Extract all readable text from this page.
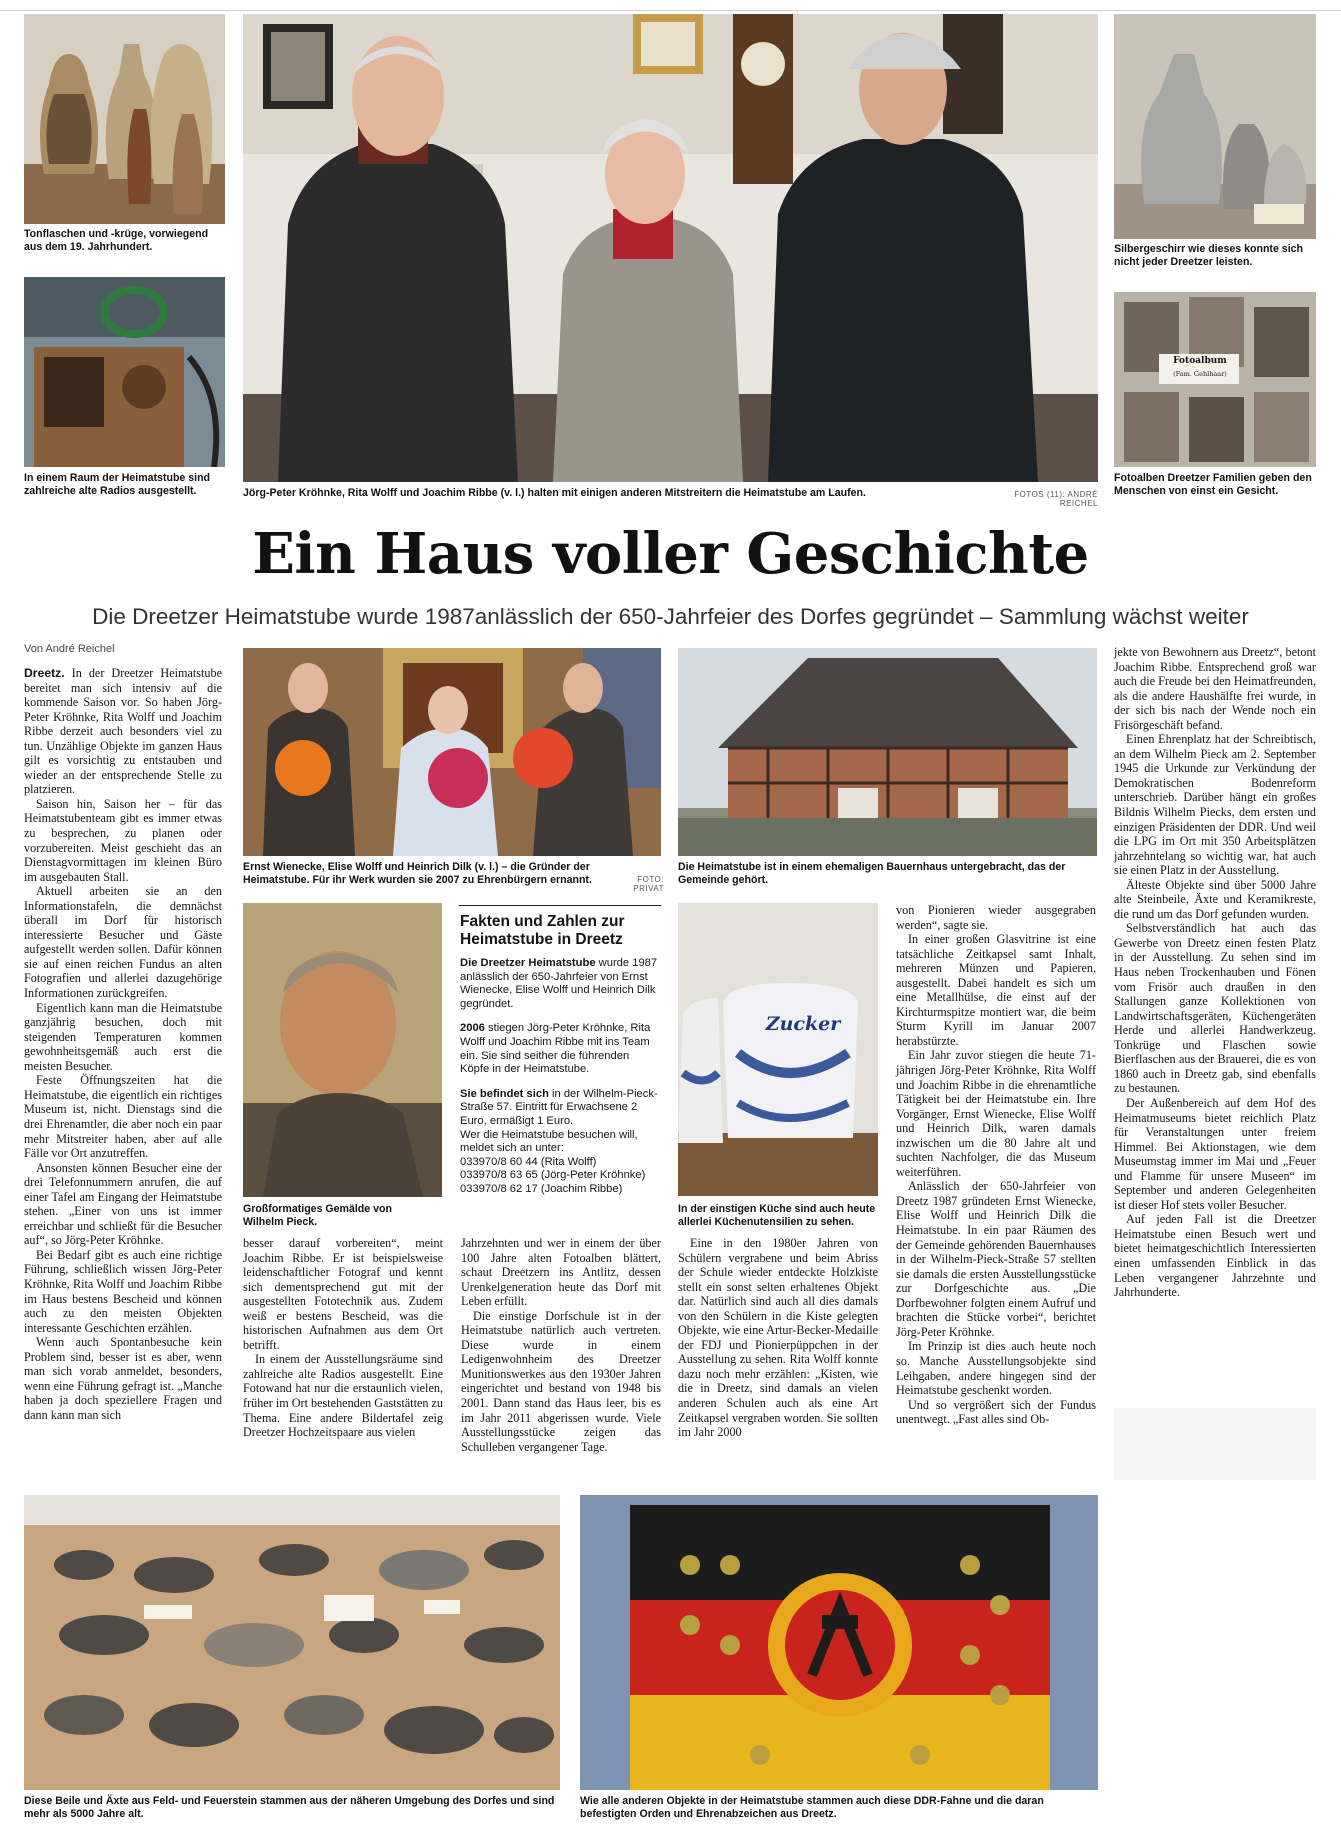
Tonflaschen und -krüge, vorwiegend aus dem 19. Jahrhundert.
In einem Raum der Heimatstube sind zahlreiche alte Radios ausgestellt.	Jörg-Peter Kröhnke, Rita Wolff und Joachim Ribbe (v. l.) halten mit einigen anderen Mitstreitern die Heimatstube am Laufen.	FOTOS (11): ANDRÉ REICHEL
Silbergeschirr wie dieses konnte sich nicht jeder Dreetzer leisten.
Fotoalbum
(Fam. Gehlhaar)
Fotoalben Dreetzer Familien geben den Menschen von einst ein Gesicht.
Ein Haus voller Geschichte
Die Dreetzer Heimatstube wurde 1987anlässlich der 650-Jahrfeier des Dorfes gegründet – Sammlung wächst weiter
Von André Reichel
Ernst Wienecke, Elise Wolff und Heinrich Dilk (v. l.) – die Gründer der Heimatstube. Für ihr Werk wurden sie 2007 zu Ehrenbürgern ernannt.	FOTO: PRIVAT
Die Heimatstube ist in einem ehemaligen Bauernhaus untergebracht, das der Gemeinde gehört.
Großformatiges Gemälde von Wilhelm Pieck.
Zucker
In der einstigen Küche sind auch heute allerlei Küchenutensilien zu sehen.
Fakten und Zahlen zur Heimatstube in Dreetz

Die Dreetzer Heimatstube wurde 1987 anlässlich der 650-Jahrfeier von Ernst Wienecke, Elise Wolff und Heinrich Dilk gegründet.

2006 stiegen Jörg-Peter Kröhnke, Rita Wolff und Joachim Ribbe mit ins Team ein. Sie sind seither die führenden Köpfe in der Heimatstube.

Sie befindet sich in der Wilhelm-Pieck-Straße 57. Eintritt für Erwachsene 2 Euro, ermäßigt 1 Euro.

Wer die Heimatstube besuchen will, meldet sich an unter:
033970/8 60 44 (Rita Wolff)
033970/8 63 65 (Jörg-Peter Kröhnke)
033970/8 62 17 (Joachim Ribbe)

Dreetz. In der Dreetzer Heimatstube bereitet man sich intensiv auf die kommende Saison vor. So haben Jörg-Peter Kröhnke, Rita Wolff und Joachim Ribbe derzeit auch besonders viel zu tun. Unzählige Objekte im ganzen Haus gilt es vorsichtig zu entstauben und wieder an der entsprechende Stelle zu platzieren.

Saison hin, Saison her – für das Heimatstubenteam gibt es immer etwas zu besprechen, zu planen oder vorzubereiten. Meist geschieht das an Dienstagvormittagen im kleinen Büro im ausgebauten Stall.

Aktuell arbeiten sie an den Informationstafeln, die demnächst überall im Dorf für historisch interessierte Besucher und Gäste aufgestellt werden sollen. Dafür können sie auf einen reichen Fundus an alten Fotografien und allerlei dazugehörige Informationen zurückgreifen.

Eigentlich kann man die Heimatstube ganzjährig besuchen, doch mit steigenden Temperaturen kommen gewohnheitsgemäß auch erst die meisten Besucher.

Feste Öffnungszeiten hat die Heimatstube, die eigentlich ein richtiges Museum ist, nicht. Dienstags sind die drei Ehrenamtler, die aber noch ein paar mehr Mitstreiter haben, aber auf alle Fälle vor Ort anzutreffen.

Ansonsten können Besucher eine der drei Telefonnummern anrufen, die auf einer Tafel am Eingang der Heimatstube stehen. „Einer von uns ist immer erreichbar und schließt für die Besucher auf“, so Jörg-Peter Kröhnke.

Bei Bedarf gibt es auch eine richtige Führung, schließlich wissen Jörg-Peter Kröhnke, Rita Wolff und Joachim Ribbe im Haus bestens Bescheid und können auch zu den meisten Objekten interessante Geschichten erzählen.

Wenn auch Spontanbesuche kein Problem sind, besser ist es aber, wenn man sich vorab anmeldet, besonders, wenn eine Führung gefragt ist. „Manche haben ja doch speziellere Fragen und dann kann man sich

besser darauf vorbereiten“, meint Joachim Ribbe. Er ist beispielsweise leidenschaftlicher Fotograf und kennt sich dementsprechend gut mit der ausgestellten Fototechnik aus. Zudem weiß er bestens Bescheid, was die historischen Aufnahmen aus dem Ort betrifft.

In einem der Ausstellungsräume sind zahlreiche alte Radios ausgestellt. Eine Fotowand hat nur die erstaunlich vielen, früher im Ort bestehenden Gaststätten zu Thema. Eine andere Bildertafel zeig Dreetzer Hochzeitspaare aus vielen

Jahrzehnten und wer in einem der über 100 Jahre alten Fotoalben blättert, schaut Dreetzern ins Antlitz, dessen Urenkelgeneration heute das Dorf mit Leben erfüllt.

Die einstige Dorfschule ist in der Heimatstube natürlich auch vertreten. Diese wurde in einem Ledigenwohnheim des Dreetzer Munitionswerkes aus den 1930er Jahren eingerichtet und bestand von 1948 bis 2001. Dann stand das Haus leer, bis es im Jahr 2011 abgerissen wurde. Viele Ausstellungsstücke zeigen das Schulleben vergangener Tage.

Eine in den 1980er Jahren von Schülern vergrabene und beim Abriss der Schule wieder entdeckte Holzkiste stellt ein sonst selten erhaltenes Objekt dar. Natürlich sind auch all dies damals von den Schülern in die Kiste gelegten Objekte, wie eine Artur-Becker-Medaille der FDJ und Pionierpüppchen in der Ausstellung zu sehen. Rita Wolff konnte dazu noch mehr erzählen: „Kisten, wie die in Dreetz, sind damals an vielen anderen Schulen auch als eine Art Zeitkapsel vergraben worden. Sie sollten im Jahr 2000

von Pionieren wieder ausgegraben werden“, sagte sie.

In einer großen Glasvitrine ist eine tatsächliche Zeitkapsel samt Inhalt, mehreren Münzen und Papieren, ausgestellt. Dabei handelt es sich um eine Metallhülse, die einst auf der Kirchturmspitze montiert war, die beim Sturm Kyrill im Januar 2007 herabstürzte.

Ein Jahr zuvor stiegen die heute 71-jährigen Jörg-Peter Kröhnke, Rita Wolff und Joachim Ribbe in die ehrenamtliche Tätigkeit bei der Heimatstube ein. Ihre Vorgänger, Ernst Wienecke, Elise Wolff und Heinrich Dilk, waren damals inzwischen um die 80 Jahre alt und suchten Nachfolger, die das Museum weiterführen.

Anlässlich der 650-Jahrfeier von Dreetz 1987 gründeten Ernst Wienecke, Elise Wolff und Heinrich Dilk die Heimatstube. In ein paar Räumen des der Gemeinde gehörenden Bauernhauses in der Wilhelm-Pieck-Straße 57 stellten sie damals die ersten Ausstellungsstücke zur Dorfgeschichte aus. „Die Dorfbewohner folgten einem Aufruf und brachten die Stücke vorbei“, berichtet Jörg-Peter Kröhnke.

Im Prinzip ist dies auch heute noch so. Manche Ausstellungsobjekte sind Leihgaben, andere hingegen sind der Heimatstube geschenkt worden.

Und so vergrößert sich der Fundus unentwegt. „Fast alles sind Ob-

jekte von Bewohnern aus Dreetz“, betont Joachim Ribbe. Entsprechend groß war auch die Freude bei den Heimatfreunden, als die andere Haushälfte frei wurde, in der sich bis nach der Wende noch ein Frisörgeschäft befand.

Einen Ehrenplatz hat der Schreibtisch, an dem Wilhelm Pieck am 2. September 1945 die Urkunde zur Verkündung der Demokratischen Bodenreform unterschrieb. Darüber hängt ein großes Bildnis Wilhelm Piecks, dem ersten und einzigen Präsidenten der DDR. Und weil die LPG im Ort mit 350 Arbeitsplätzen jahrzehntelang so wichtig war, hat auch sie einen Platz in der Ausstellung.

Älteste Objekte sind über 5000 Jahre alte Steinbeile, Äxte und Keramikreste, die rund um das Dorf gefunden wurden.

Selbstverständlich hat auch das Gewerbe von Dreetz einen festen Platz in der Ausstellung. Zu sehen sind im Haus neben Trockenhauben und Fönen vom Frisör auch draußen in den Stallungen ganze Kollektionen von Landwirtschaftsgeräten, Küchengeräten Herde und allerlei Handwerkzeug. Tonkrüge und Flaschen sowie Bierflaschen aus der Brauerei, die es von 1860 auch in Dreetz gab, sind ebenfalls zu bestaunen.

Der Außenbereich auf dem Hof des Heimatmuseums bietet reichlich Platz für Veranstaltungen unter freiem Himmel. Bei Aktionstagen, wie dem Museumstag immer im Mai und „Feuer und Flamme für unsere Museen“ im September und anderen Gelegenheiten ist dieser Hof stets voller Besucher.

Auf jeden Fall ist die Dreetzer Heimatstube einen Besuch wert und bietet heimatgeschichtlich Interessierten einen umfassenden Einblick in das Leben vergangener Jahrzehnte und Jahrhunderte.

Diese Beile und Äxte aus Feld- und Feuerstein stammen aus der näheren Umgebung des Dorfes und sind mehr als 5000 Jahre alt.
Wie alle anderen Objekte in der Heimatstube stammen auch diese DDR-Fahne und die daran befestigten Orden und Ehrenabzeichen aus Dreetz.
